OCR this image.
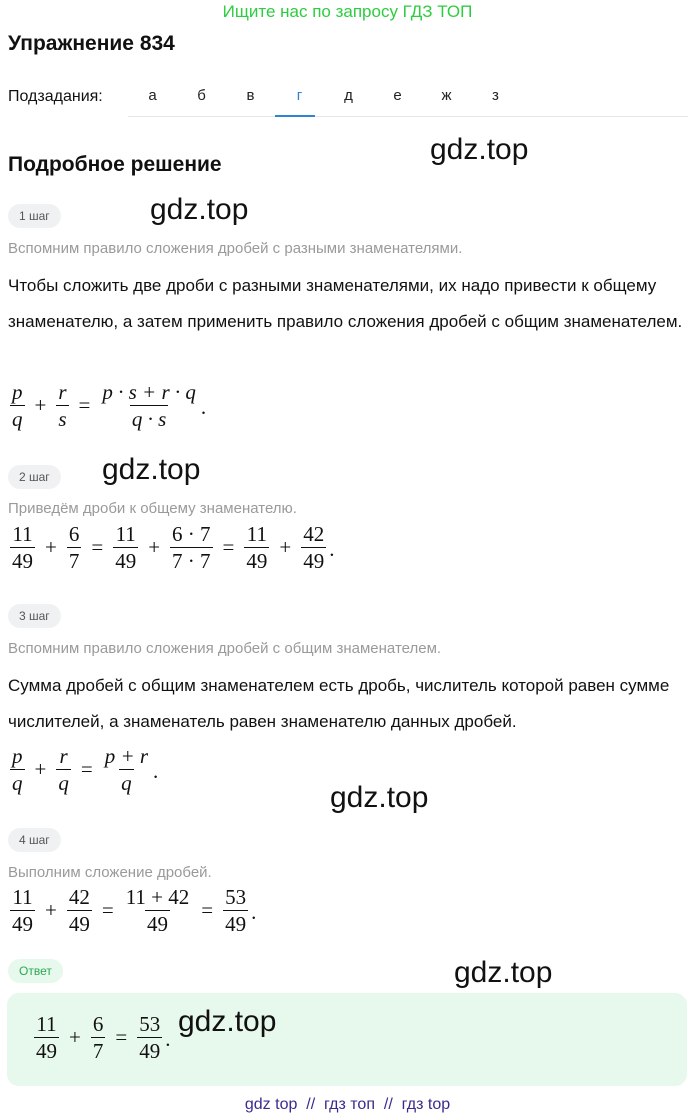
Ищите нас по запросу ГДЗ ТОП
Упражнение 834
Подзадания:	а	б	в	г	д	е	ж	з
Подробное решение	gdz.top
1 шаг	gdz.top
Вспомним правило сложения дробей с разными знаменателями.
Чтобы сложить две дроби с разными знаменателями, их надо привести к общему знаменателю, а затем применить правило сложения дробей с общим знаменателем.
$\frac{p}{q} + \frac{r}{s} = \frac{p \cdot s + r \cdot q}{q \cdot s}$ .
2 шаг	gdz.top
Приведём дроби к общему знаменателю.
$\frac{11}{49} + \frac{6}{7} = \frac{11}{49} + \frac{6 \cdot 7}{7 \cdot 7} = \frac{11}{49} + \frac{42}{49}$ .
3 шаг
Вспомним правило сложения дробей с общим знаменателем.
Сумма дробей с общим знаменателем есть дробь, числитель которой равен сумме числителей, а знаменатель равен знаменателю данных дробей.
$\frac{p}{q} + \frac{r}{q} = \frac{p + r}{q}$ .
gdz.top
4 шаг
Выполним сложение дробей.
$\frac{11}{49} + \frac{42}{49} = \frac{11 + 42}{49} = \frac{53}{49}$ .
Ответ	gdz.top
$\frac{11}{49} + \frac{6}{7} = \frac{53}{49}$ .
gdz.top
gdz top  //  гдз топ  //  гдз top
